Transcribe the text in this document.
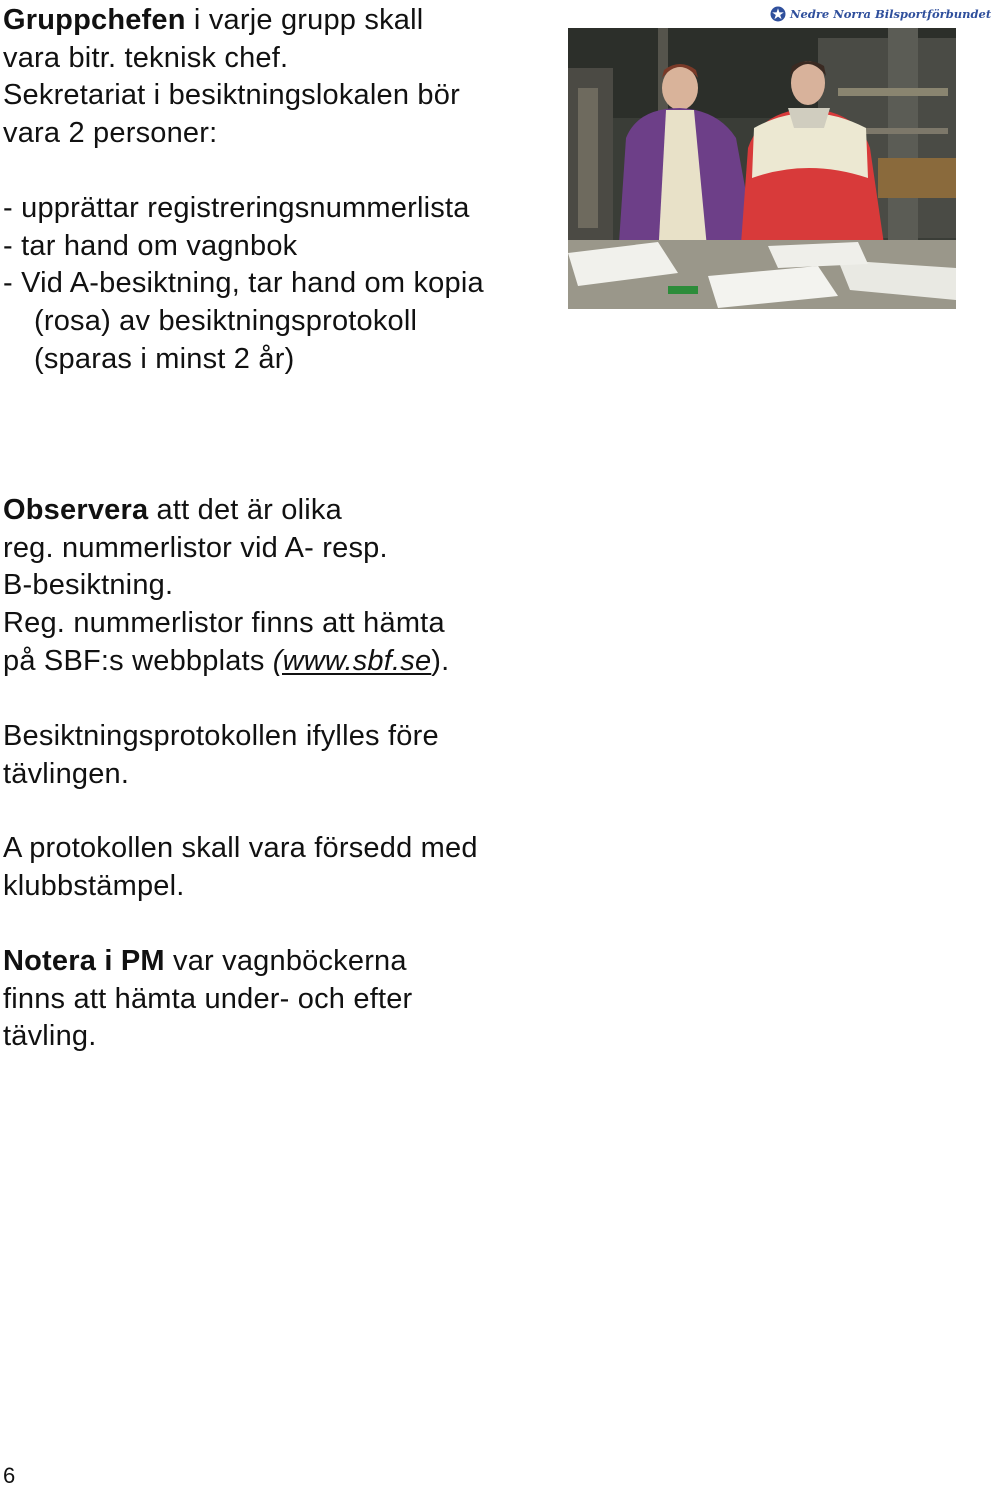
Nedre Norra Bilsportförbundet
Gruppchefen i varje grupp skall
vara bitr. teknisk chef.
Sekretariat i besiktningslokalen bör
vara 2 personer:
- upprättar registreringsnummerlista
- tar hand om vagnbok
- Vid A-besiktning, tar hand om kopia
(rosa) av besiktningsprotokoll
(sparas i minst 2 år)
Observera att det är olika
reg. nummerlistor vid A- resp.
B-besiktning.
Reg. nummerlistor finns att hämta
på SBF:s webbplats (www.sbf.se).
Besiktningsprotokollen ifylles före
tävlingen.
A protokollen skall vara försedd med
klubbstämpel.
Notera i PM var vagnböckerna
finns att hämta under- och efter
tävling.
6
